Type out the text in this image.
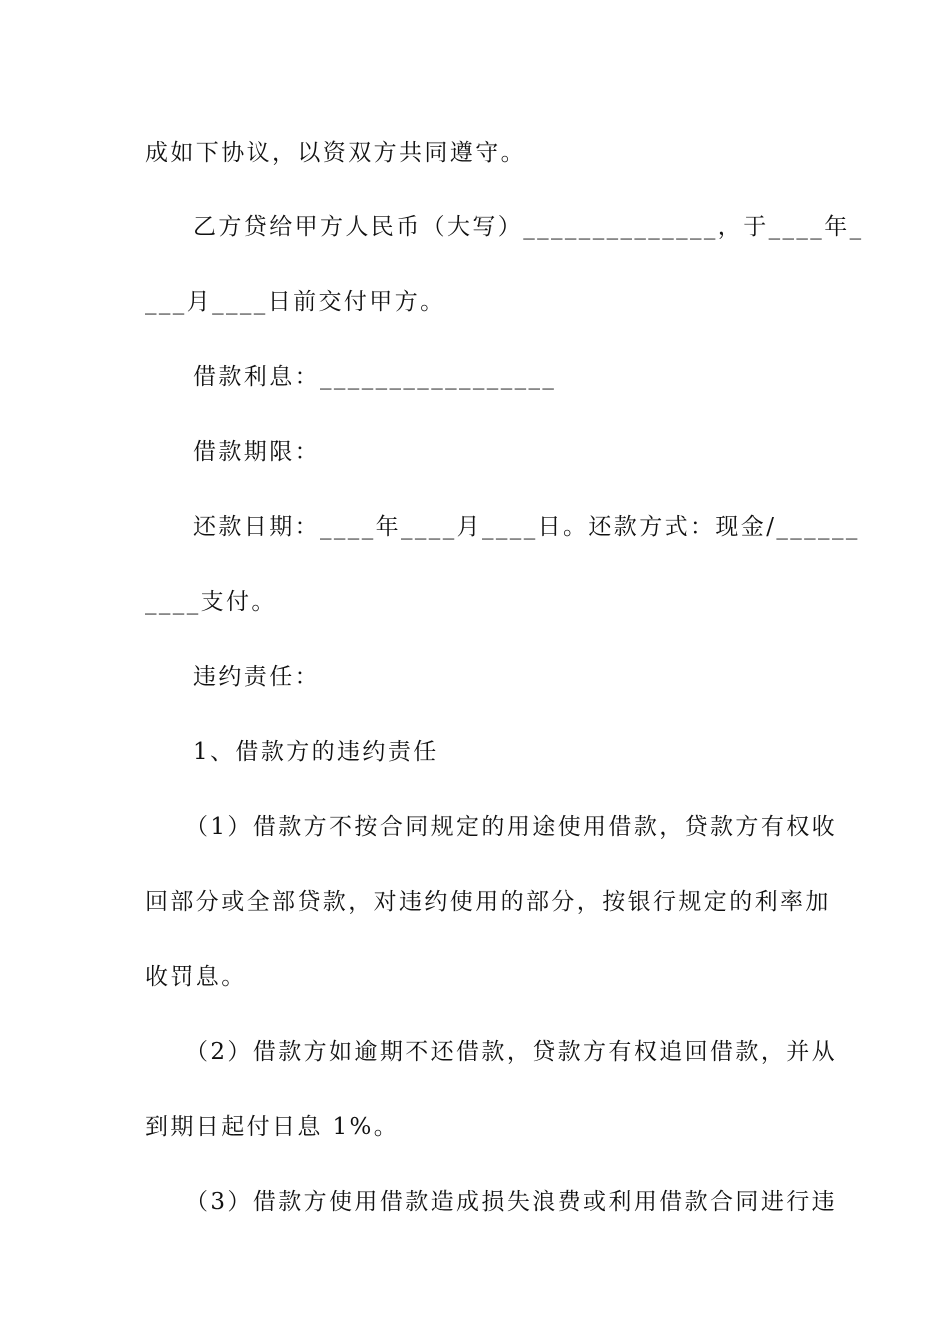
成如下协议，以资双方共同遵守。
乙方贷给甲方人民币（大写）______________，于____年_
___月____日前交付甲方。
借款利息：_________________
借款期限：
还款日期：____年____月____日。还款方式：现金/______
____支付。
违约责任：
1、借款方的违约责任
（1）借款方不按合同规定的用途使用借款，贷款方有权收
回部分或全部贷款，对违约使用的部分，按银行规定的利率加
收罚息。
（2）借款方如逾期不还借款，贷款方有权追回借款，并从
到期日起付日息 1%。
（3）借款方使用借款造成损失浪费或利用借款合同进行违
